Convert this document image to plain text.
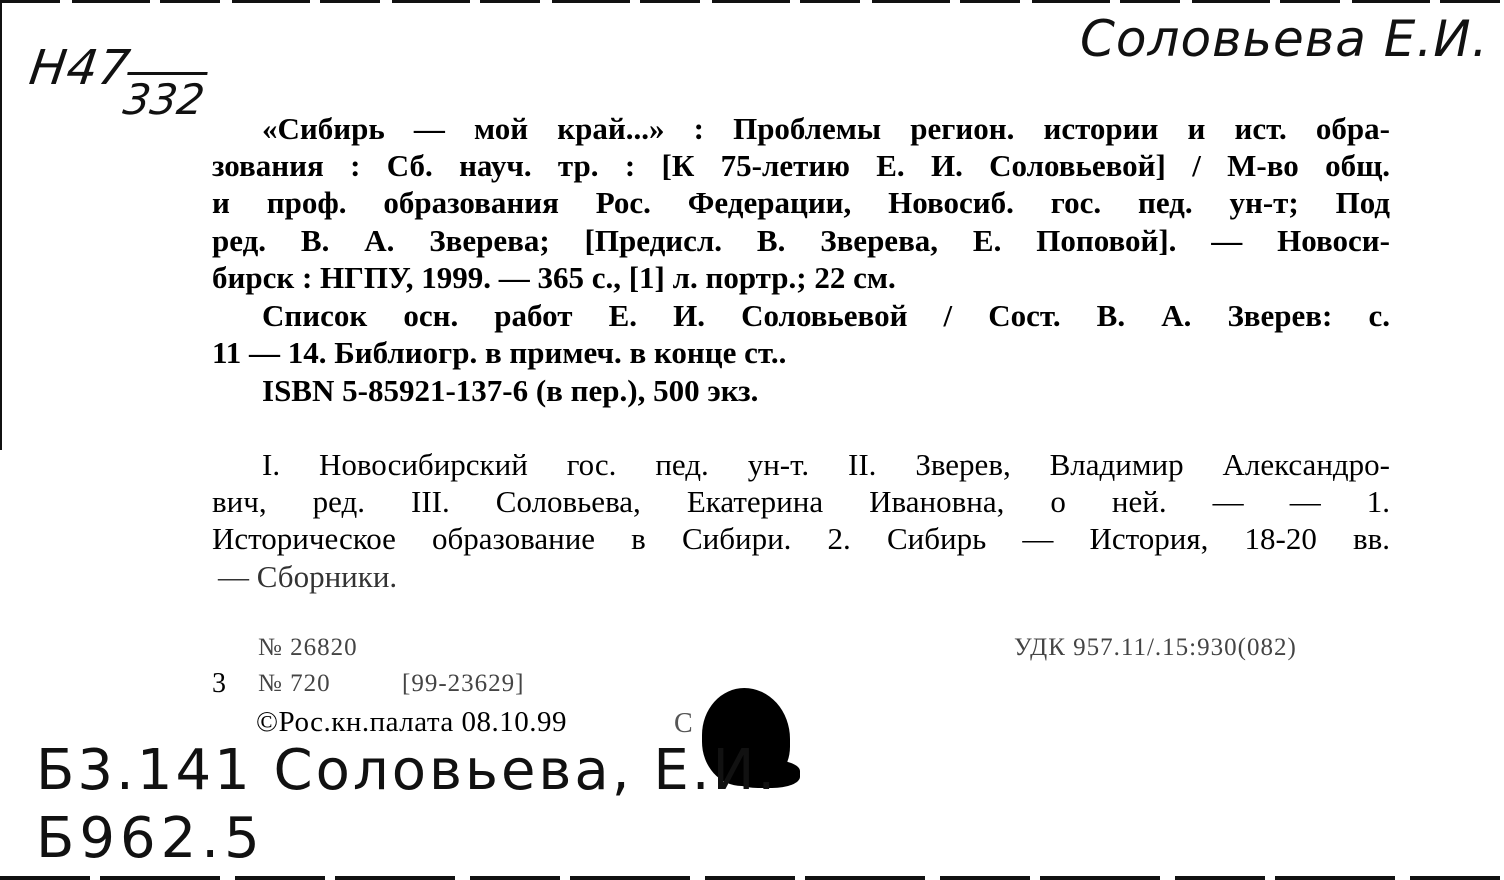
Н47
332
Соловьева Е.И.
«Сибирь — мой край...» : Проблемы регион. истории и ист. обра-
зования : Сб. науч. тр. : [К 75-летию Е. И. Соловьевой] / М-во общ.
и проф. образования Рос. Федерации, Новосиб. гос. пед. ун-т; Под
ред. В. А. Зверева; [Предисл. В. Зверева, Е. Поповой]. — Новоси-
бирск : НГПУ, 1999. — 365 с., [1] л. портр.; 22 см.
Список осн. работ Е. И. Соловьевой / Сост. В. А. Зверев: с.
11 — 14. Библиогр. в примеч. в конце ст..
ISBN 5-85921-137-6 (в пер.), 500 экз.
I. Новосибирский гос. пед. ун-т. II. Зверев, Владимир Александро-
вич, ред. III. Соловьева, Екатерина Ивановна, о ней. — — 1.
Историческое образование в Сибири. 2. Сибирь — История, 18-20 вв.
— Сборники.
№ 26820	УДК 957.11/.15:930(082)
3 № 720	[99-23629]
©Рос.кн.палата 08.10.99	С
Б3.141 Соловьева, Е.И.
Б962.5
